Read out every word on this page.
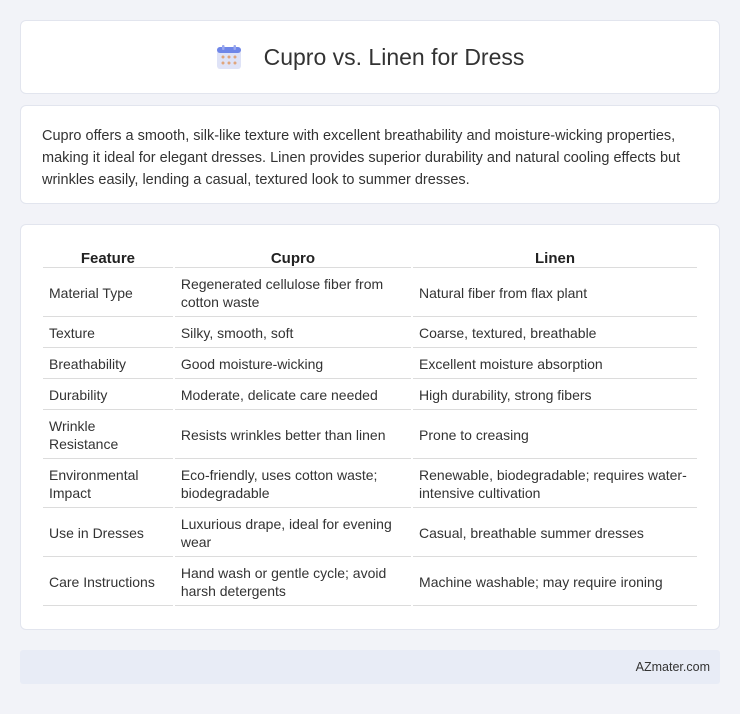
Cupro vs. Linen for Dress

Cupro offers a smooth, silk-like texture with excellent breathability and moisture-wicking properties, making it ideal for elegant dresses. Linen provides superior durability and natural cooling effects but wrinkles easily, lending a casual, textured look to summer dresses.

Feature	Cupro	Linen
Material Type	Regenerated cellulose fiber from cotton waste	Natural fiber from flax plant
Texture	Silky, smooth, soft	Coarse, textured, breathable
Breathability	Good moisture-wicking	Excellent moisture absorption
Durability	Moderate, delicate care needed	High durability, strong fibers
Wrinkle Resistance	Resists wrinkles better than linen	Prone to creasing
Environmental Impact	Eco-friendly, uses cotton waste; biodegradable	Renewable, biodegradable; requires water-intensive cultivation
Use in Dresses	Luxurious drape, ideal for evening wear	Casual, breathable summer dresses
Care Instructions	Hand wash or gentle cycle; avoid harsh detergents	Machine washable; may require ironing
AZmater.com
